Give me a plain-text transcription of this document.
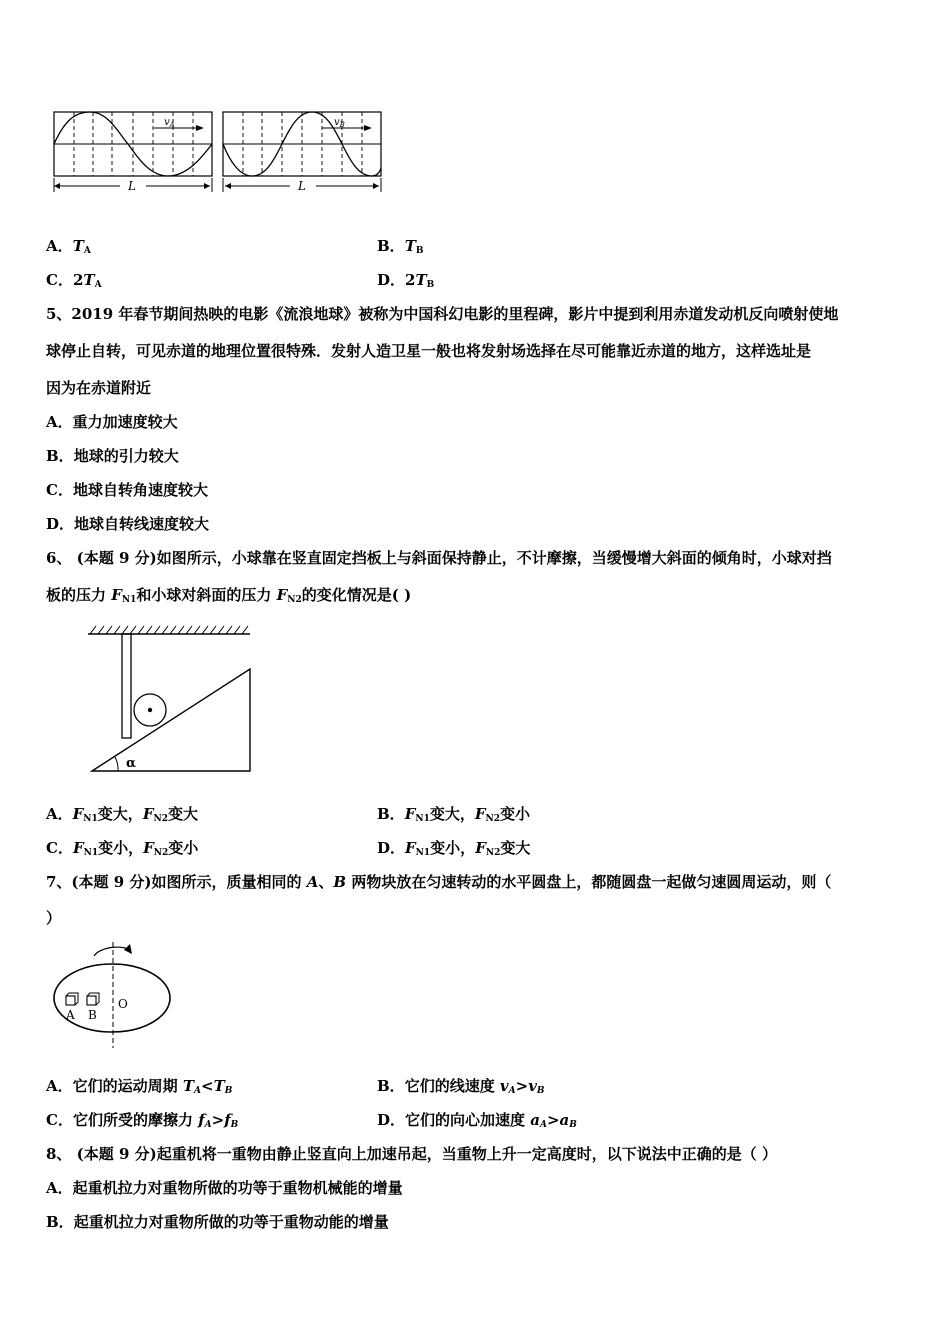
$v_A$	$v_B$
L	L
A．$T_A$	B．$T_B$
C．$2T_A$	D．$2T_B$
5、2019 年春节期间热映的电影《流浪地球》被称为中国科幻电影的里程碑，影片中提到利用赤道发动机反向喷射使地
球停止自转，可见赤道的地理位置很特殊．发射人造卫星一般也将发射场选择在尽可能靠近赤道的地方，这样选址是
因为在赤道附近
A．重力加速度较大
B．地球的引力较大
C．地球自转角速度较大
D．地球自转线速度较大
6、 (本题 9 分)如图所示，小球靠在竖直固定挡板上与斜面保持静止，不计摩擦，当缓慢增大斜面的倾角时，小球对挡
板的压力 $F_{N1}$和小球对斜面的压力 $F_{N2}$的变化情况是( )
α
A．$F_{N1}$变大，$F_{N2}$变大	B．$F_{N1}$变大，$F_{N2}$变小
C．$F_{N1}$变小，$F_{N2}$变小	D．$F_{N1}$变小，$F_{N2}$变大
7、(本题 9 分)如图所示，质量相同的 A、B 两物块放在匀速转动的水平圆盘上，都随圆盘一起做匀速圆周运动，则（
）
A B
O
A．它们的运动周期 $T_A<T_B$	B．它们的线速度 $v_A>v_B$
C．它们所受的摩擦力 $f_A>f_B$	D．它们的向心加速度 $a_A>a_B$
8、 (本题 9 分)起重机将一重物由静止竖直向上加速吊起，当重物上升一定高度时，以下说法中正确的是（ ）
A．起重机拉力对重物所做的功等于重物机械能的增量
B．起重机拉力对重物所做的功等于重物动能的增量
